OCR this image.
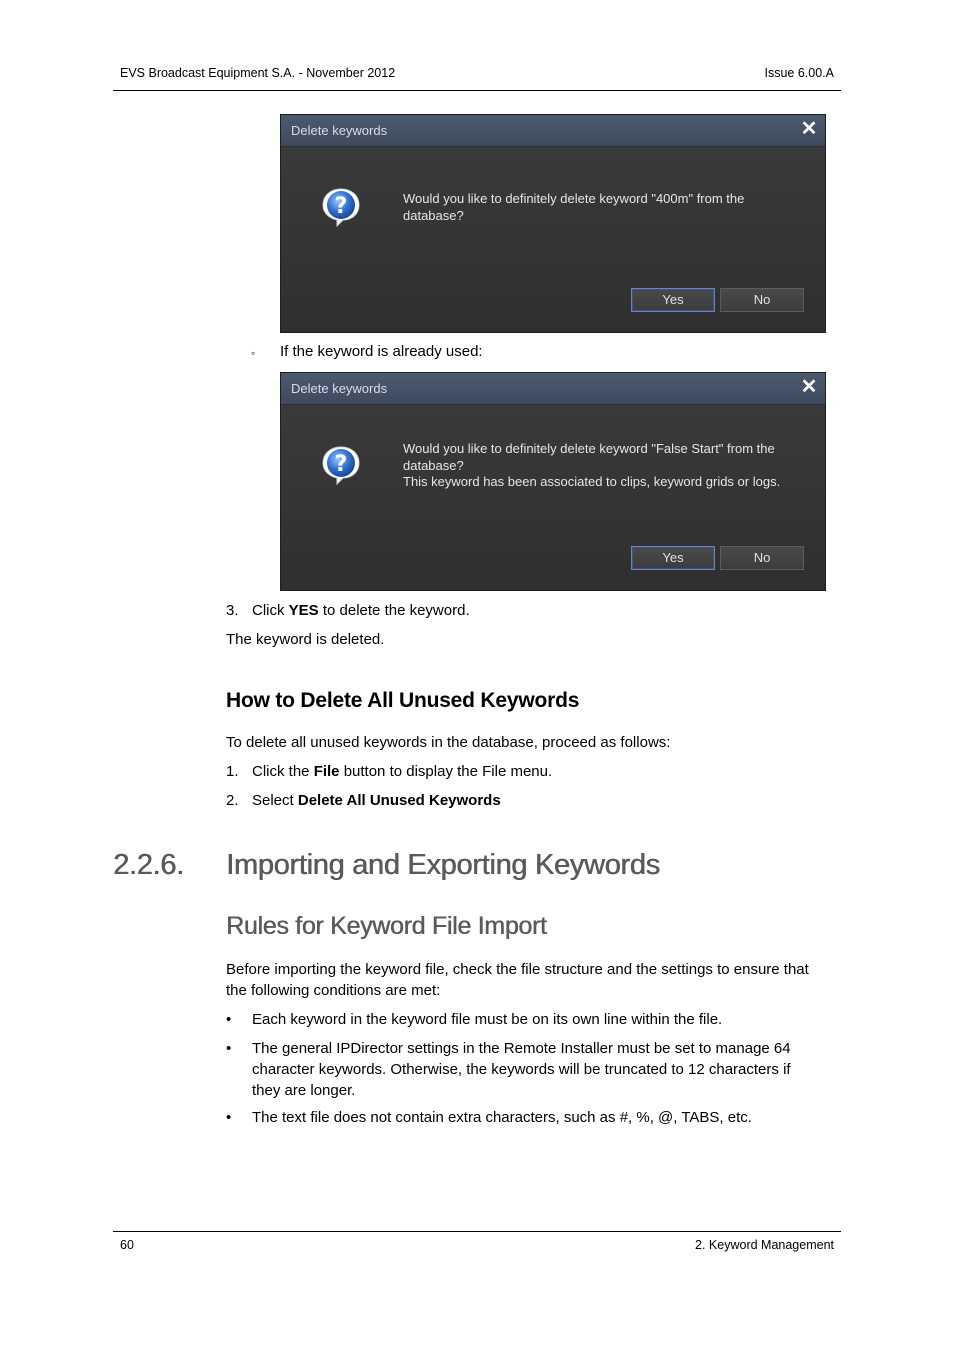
EVS Broadcast Equipment S.A. - November 2012	Issue 6.00.A
Delete keywords	✕
?	Would you like to definitely delete keyword "400m" from the
database?
Yes	No
◦ If the keyword is already used:
Delete keywords	✕
?
Would you like to definitely delete keyword "False Start" from the
database?
This keyword has been associated to clips, keyword grids or logs.
Yes	No
3. Click YES to delete the keyword.
The keyword is deleted.
How to Delete All Unused Keywords
To delete all unused keywords in the database, proceed as follows:
1. Click the File button to display the File menu.
2. Select Delete All Unused Keywords
2.2.6. Importing and Exporting Keywords
Rules for Keyword File Import
Before importing the keyword file, check the file structure and the settings to ensure that
the following conditions are met:
• Each keyword in the keyword file must be on its own line within the file.
• The general IPDirector settings in the Remote Installer must be set to manage 64
character keywords. Otherwise, the keywords will be truncated to 12 characters if
they are longer.
• The text file does not contain extra characters, such as #, %, @, TABS, etc.
60	2. Keyword Management
